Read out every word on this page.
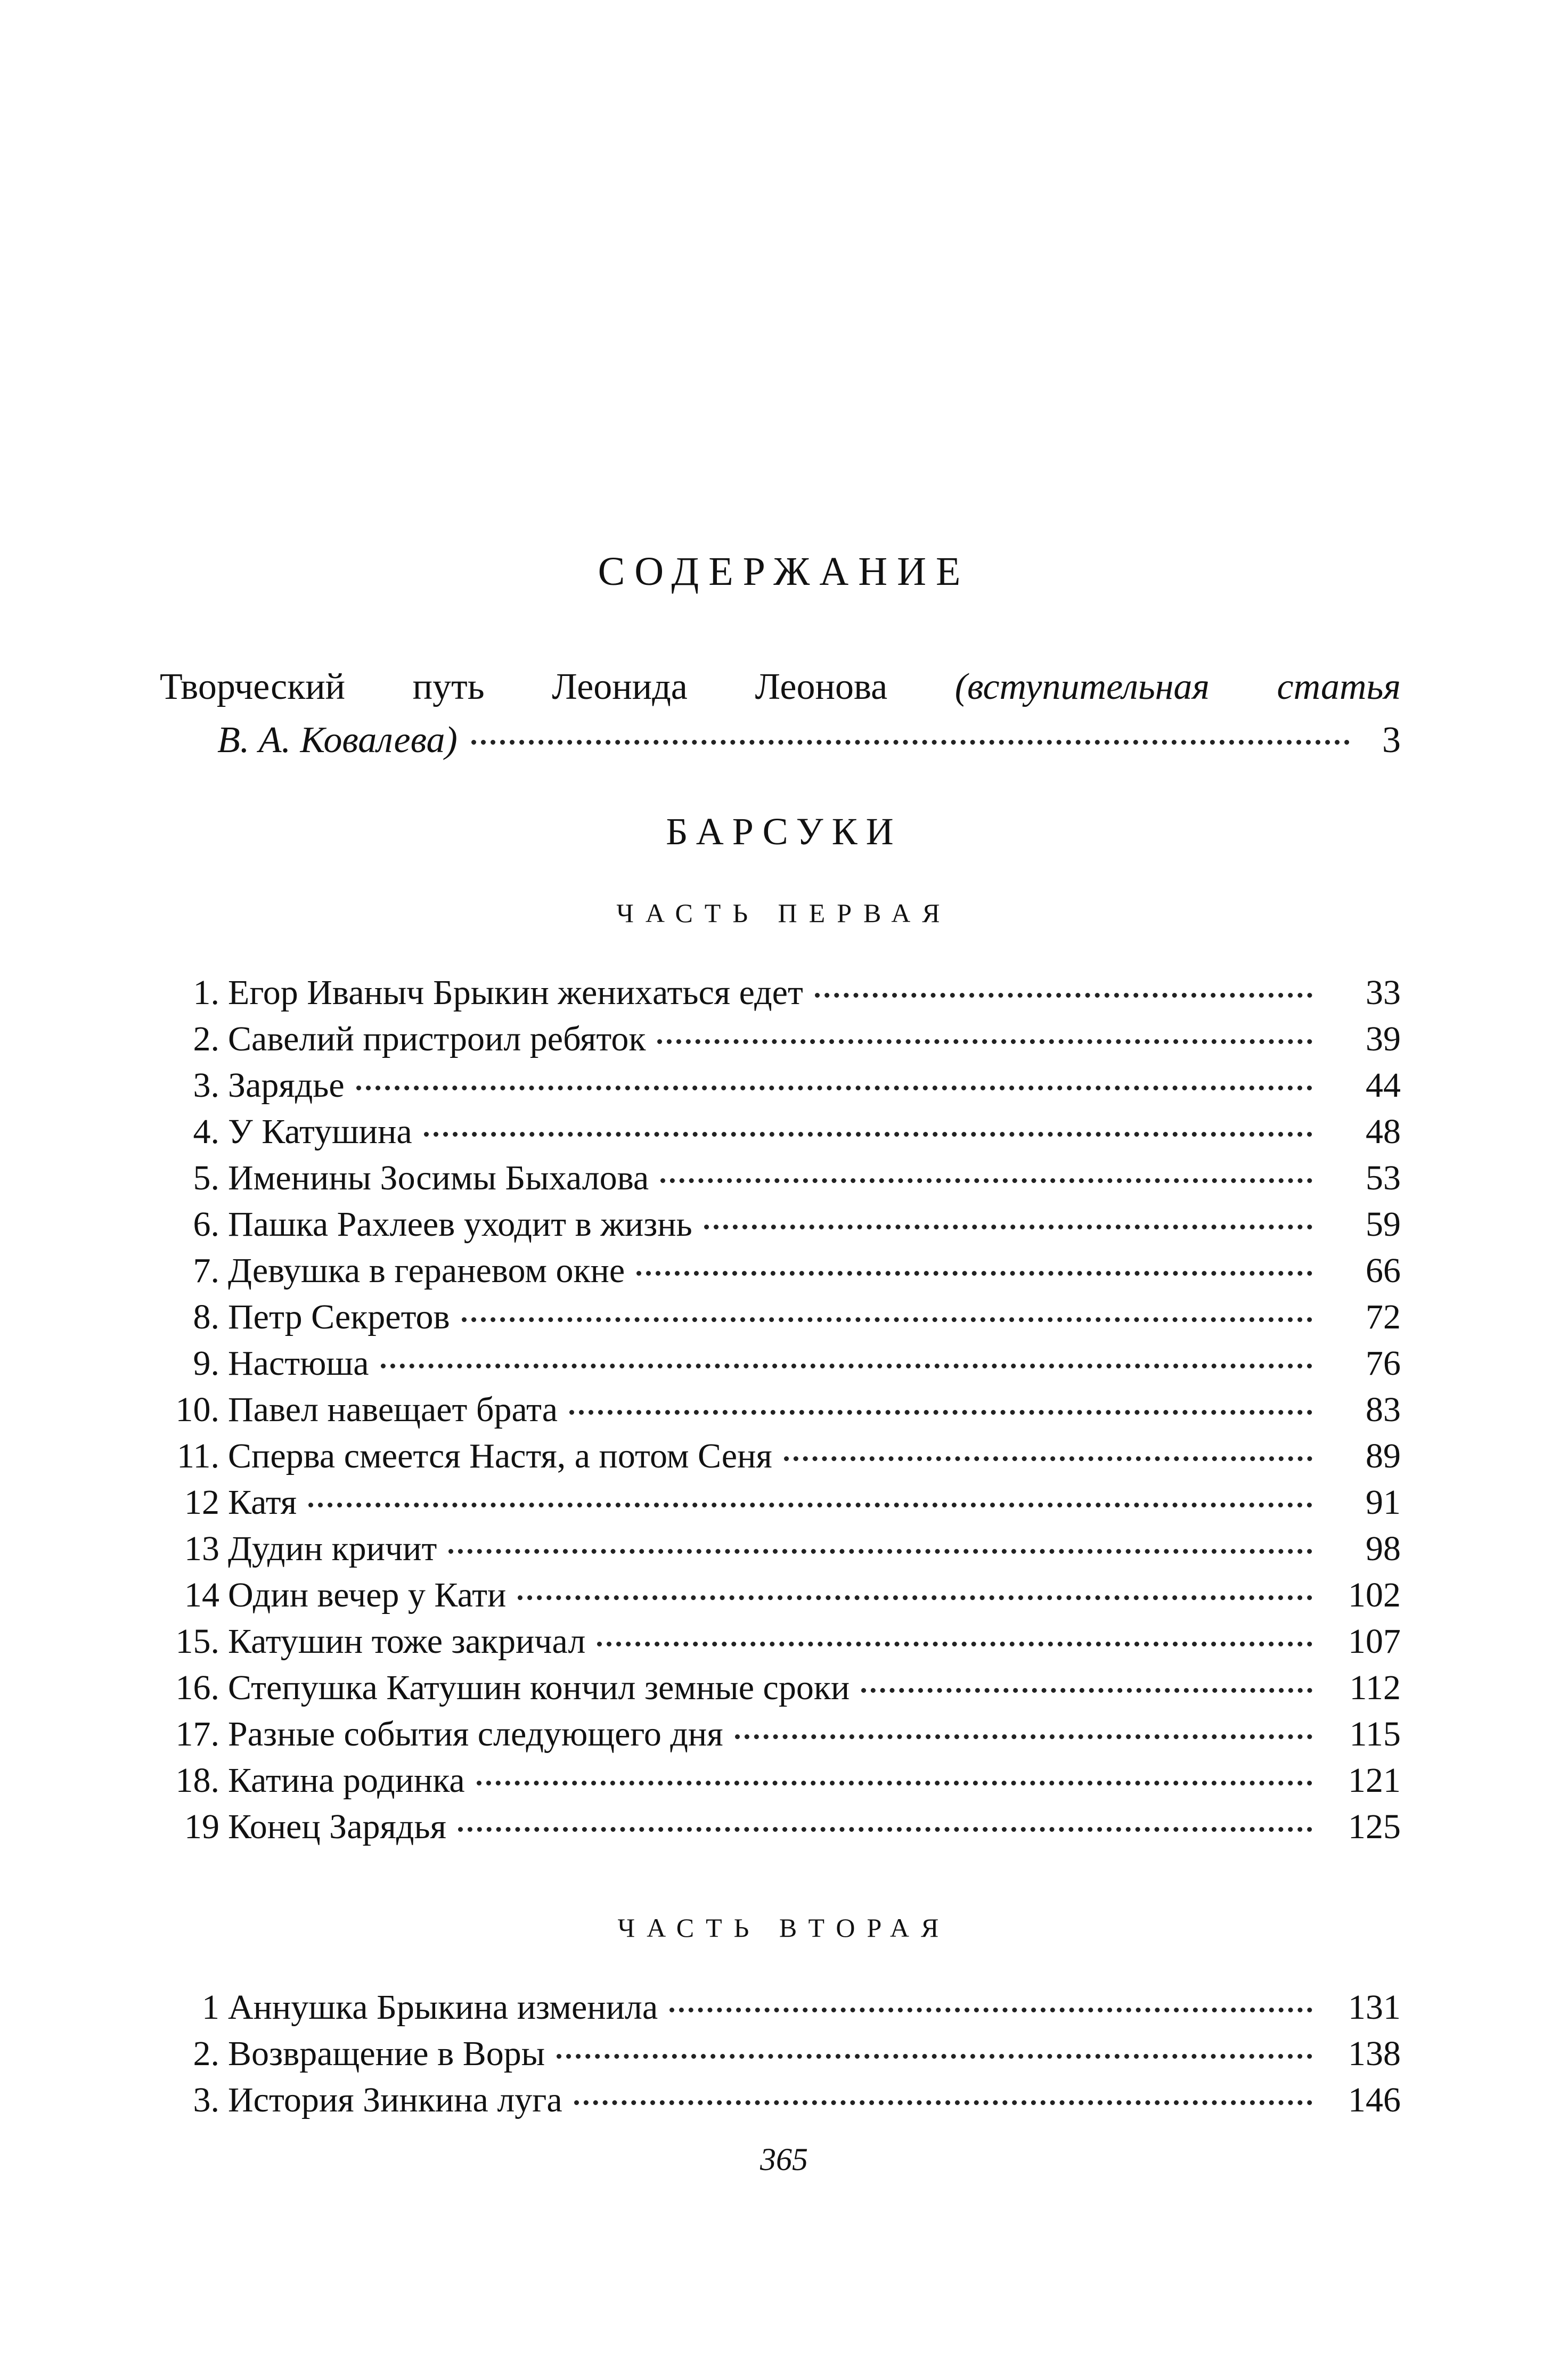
СОДЕРЖАНИЕ
Творческий путь Леонида Леонова (вступительная статья
В. А. Ковалева)	3
БАРСУКИ
ЧАСТЬ ПЕРВАЯ
1. Егор Иваныч Брыкин жениxаться едет	33
2. Савелий пристроил ребяток	39
3. Зарядье	44
4. У Катушина	48
5. Именины Зосимы Быхалова	53
6. Пашка Рахлеев уходит в жизнь	59
7. Девушка в гераневом окне	66
8. Петр Секретов	72
9. Настюша	76
10. Павел навещает брата	83
11. Сперва смеется Настя, а потом Сеня	89
12 Катя	91
13 Дудин кричит	98
14 Один вечер у Кати	102
15. Катушин тоже закричал	107
16. Степушка Катушин кончил земные сроки	112
17. Разные события следующего дня	115
18. Катина родинка	121
19 Конец Зарядья	125
ЧАСТЬ ВТОРАЯ
1 Аннушка Брыкина изменила	131
2. Возвращение в Воры	138
3. История Зинкина луга	146
365
